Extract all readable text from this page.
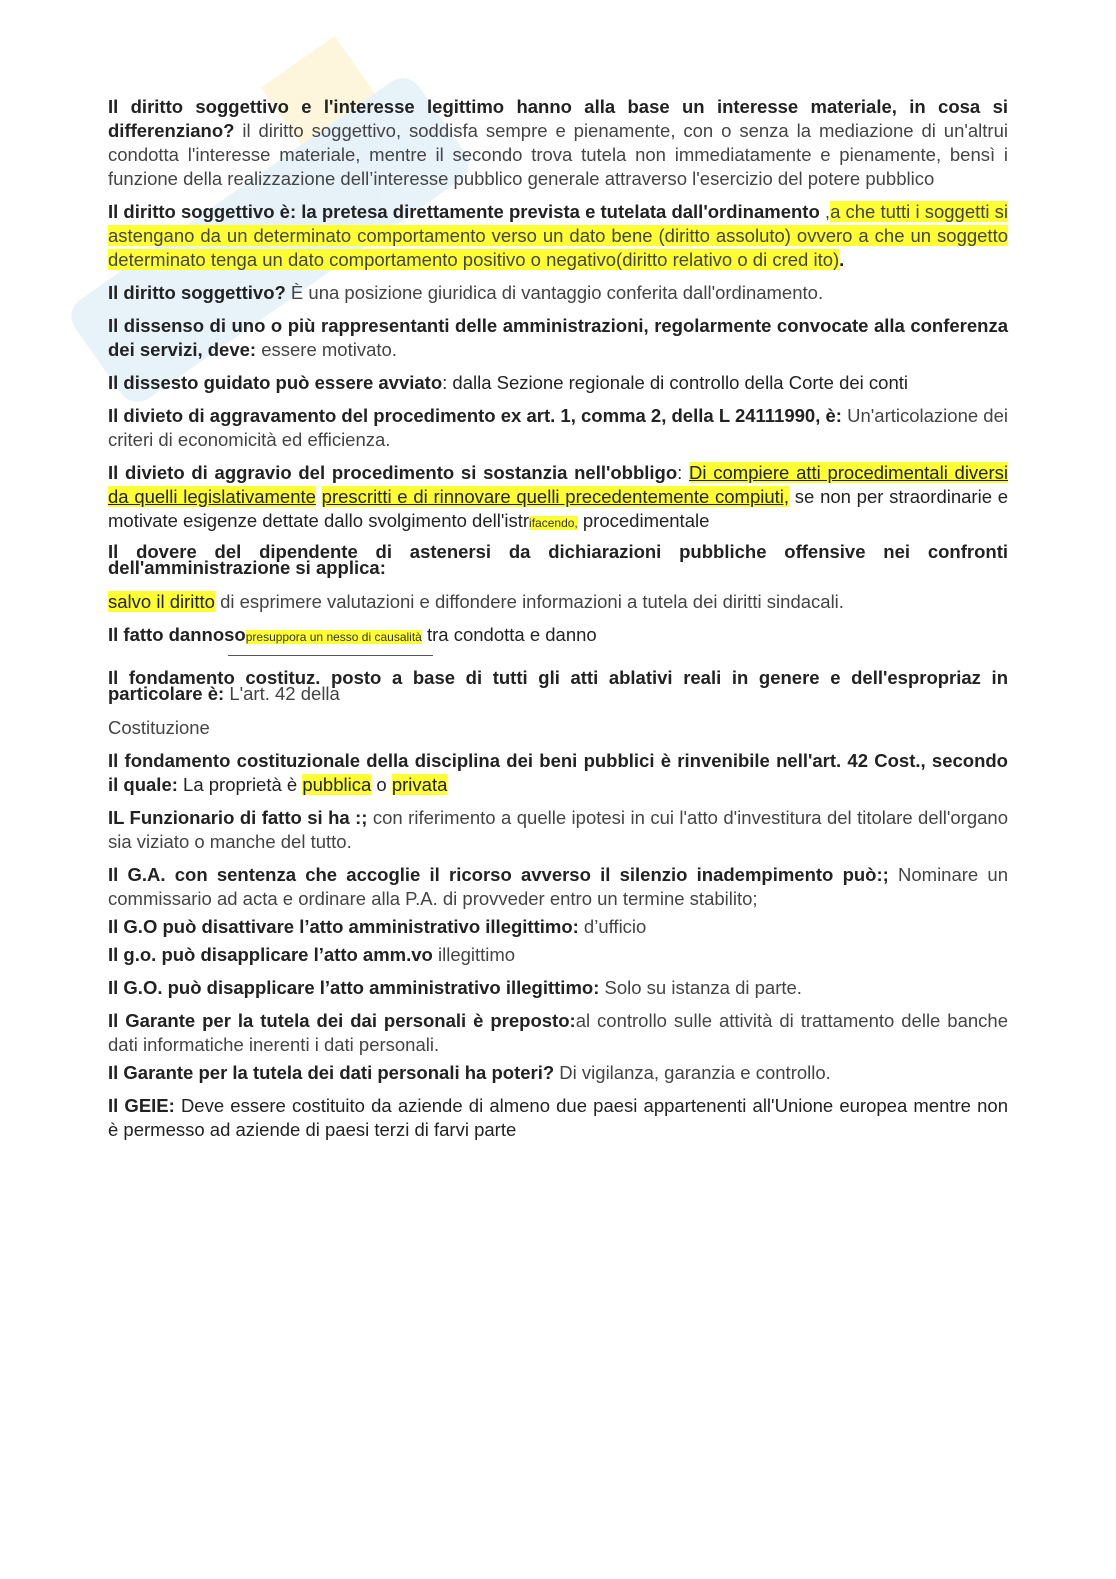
Il diritto soggettivo e l'interesse legittimo hanno alla base un interesse materiale, in cosa si differenziano? il diritto soggettivo, soddisfa sempre e pienamente, con o senza la mediazione di un'altrui condotta l'interesse materiale, mentre il secondo trova tutela non immediatamente e pienamente, bensì i funzione della realizzazione dell’interesse pubblico generale attraverso l'esercizio del potere pubblico

Il diritto soggettivo è: la pretesa direttamente prevista e tutelata dall'ordinamento ,a che tutti i soggetti si astengano da un determinato comportamento verso un dato bene (diritto assoluto) ovvero a che un soggetto determinato tenga un dato comportamento positivo o negativo(diritto relativo o di cred ito).

Il diritto soggettivo? È una posizione giuridica di vantaggio conferita dall'ordinamento.

Il dissenso di uno o più rappresentanti delle amministrazioni, regolarmente convocate alla conferenza dei servizi, deve: essere motivato.

Il dissesto guidato può essere avviato: dalla Sezione regionale di controllo della Corte dei conti

Il divieto di aggravamento del procedimento ex art. 1, comma 2, della L 24111990, è: Un'articolazione dei criteri di economicità ed efficienza.

Il divieto di aggravio del procedimento si sostanzia nell'obbligo: Di compiere atti procedimentali diversi da quelli legislativamente prescritti e di rinnovare quelli precedentemente compiuti, se non per straordinarie e motivate esigenze dettate dallo svolgimento dell'istrifacendo, procedimentale

Il dovere del dipendente di astenersi da dichiarazioni pubbliche offensive nei confronti dell'amministrazione si applica:

salvo il diritto di esprimere valutazioni e diffondere informazioni a tutela dei diritti sindacali.

Il fatto dannosopresuppora un nesso di causalità tra condotta e danno

Il fondamento costituz. posto a base di tutti gli atti ablativi reali in genere e dell'espropriaz in particolare è: L'art. 42 della

Costituzione

Il fondamento costituzionale della disciplina dei beni pubblici è rinvenibile nell'art. 42 Cost., secondo il quale: La proprietà è pubblica o privata

IL Funzionario di fatto si ha :; con riferimento a quelle ipotesi in cui l'atto d'investitura del titolare dell'organo sia viziato o manche del tutto.

Il G.A. con sentenza che accoglie il ricorso avverso il silenzio inadempimento può:; Nominare un commissario ad acta e ordinare alla P.A. di provveder entro un termine stabilito;

Il G.O può disattivare l’atto amministrativo illegittimo: d’ufficio

Il g.o. può disapplicare l’atto amm.vo illegittimo

Il G.O. può disapplicare l’atto amministrativo illegittimo: Solo su istanza di parte.

Il Garante per la tutela dei dai personali è preposto:al controllo sulle attività di trattamento delle banche dati informatiche inerenti i dati personali.

Il Garante per la tutela dei dati personali ha poteri? Di vigilanza, garanzia e controllo.

Il GEIE: Deve essere costituito da aziende di almeno due paesi appartenenti all'Unione europea mentre non è permesso ad aziende di paesi terzi di farvi parte
